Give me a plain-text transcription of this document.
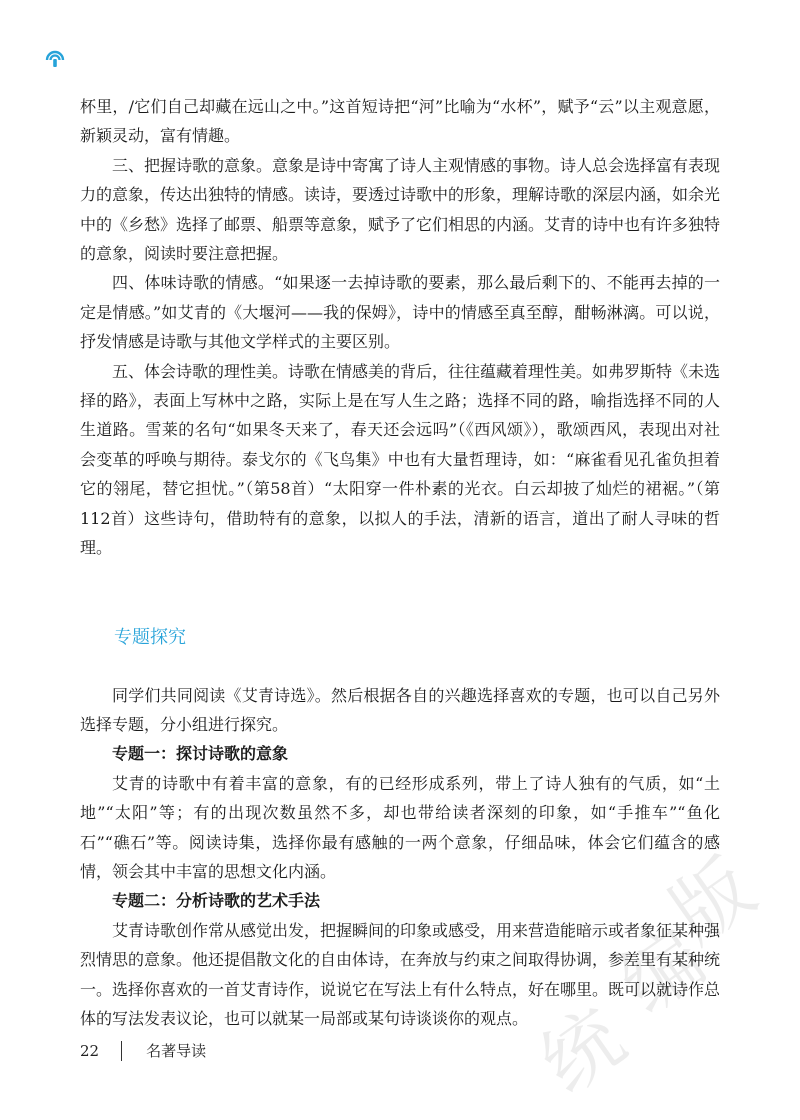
杯里，/它们自己却藏在远山之中。”这首短诗把“河”比喻为“水杯”，赋予“云”以主观意愿，新颖灵动，富有情趣。

三、把握诗歌的意象。意象是诗中寄寓了诗人主观情感的事物。诗人总会选择富有表现力的意象，传达出独特的情感。读诗，要透过诗歌中的形象，理解诗歌的深层内涵，如余光中的《乡愁》选择了邮票、船票等意象，赋予了它们相思的内涵。艾青的诗中也有许多独特的意象，阅读时要注意把握。

四、体味诗歌的情感。“如果逐一去掉诗歌的要素，那么最后剩下的、不能再去掉的一定是情感。”如艾青的《大堰河——我的保姆》，诗中的情感至真至醇，酣畅淋漓。可以说，抒发情感是诗歌与其他文学样式的主要区别。

五、体会诗歌的理性美。诗歌在情感美的背后，往往蕴藏着理性美。如弗罗斯特《未选择的路》，表面上写林中之路，实际上是在写人生之路；选择不同的路，喻指选择不同的人生道路。雪莱的名句“如果冬天来了，春天还会远吗”（《西风颂》），歌颂西风，表现出对社会变革的呼唤与期待。泰戈尔的《飞鸟集》中也有大量哲理诗，如：“麻雀看见孔雀负担着它的翎尾，替它担忧。”（第58首）“太阳穿一件朴素的光衣。白云却披了灿烂的裙裾。”（第112首）这些诗句，借助特有的意象，以拟人的手法，清新的语言，道出了耐人寻味的哲理。

专题探究

同学们共同阅读《艾青诗选》。然后根据各自的兴趣选择喜欢的专题，也可以自己另外选择专题，分小组进行探究。

专题一：探讨诗歌的意象

艾青的诗歌中有着丰富的意象，有的已经形成系列，带上了诗人独有的气质，如“土地”“太阳”等；有的出现次数虽然不多，却也带给读者深刻的印象，如“手推车”“鱼化石”“礁石”等。阅读诗集，选择你最有感触的一两个意象，仔细品味，体会它们蕴含的感情，领会其中丰富的思想文化内涵。

专题二：分析诗歌的艺术手法

艾青诗歌创作常从感觉出发，把握瞬间的印象或感受，用来营造能暗示或者象征某种强烈情思的意象。他还提倡散文化的自由体诗，在奔放与约束之间取得协调，参差里有某种统一。选择你喜欢的一首艾青诗作，说说它在写法上有什么特点，好在哪里。既可以就诗作总体的写法发表议论，也可以就某一局部或某句诗谈谈你的观点。

版
编
统
22	名著导读
